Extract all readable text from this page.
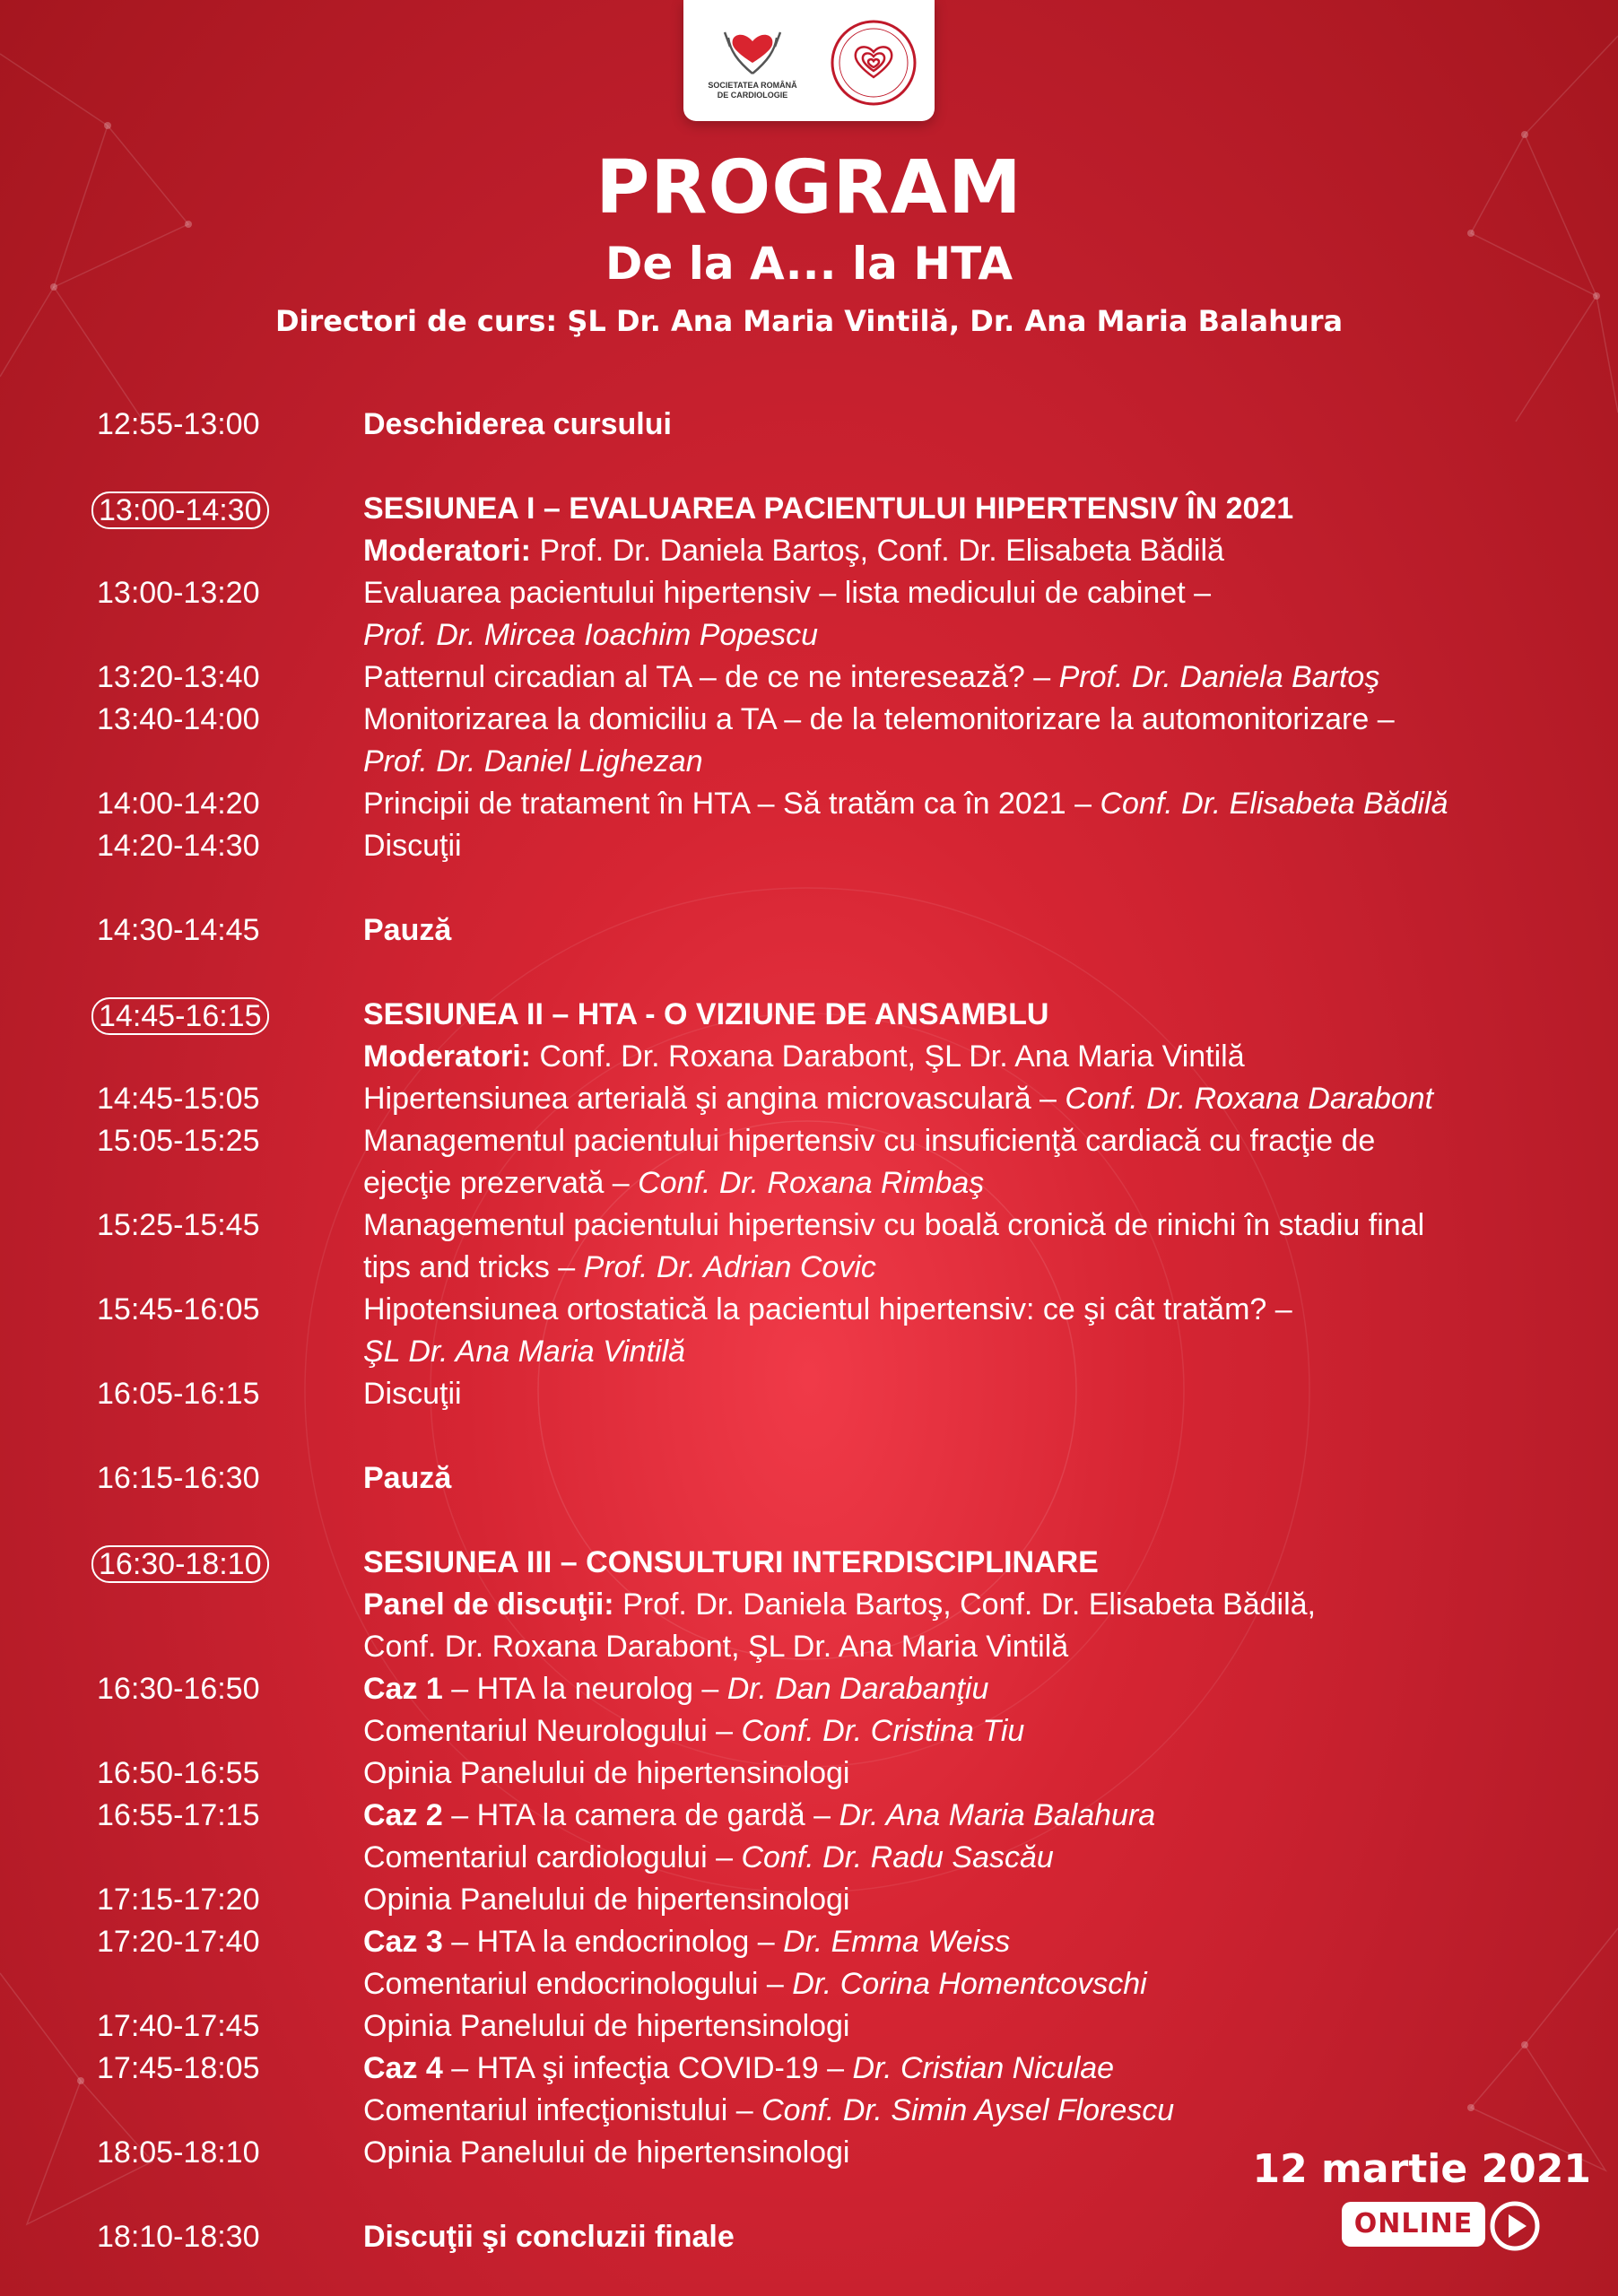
SOCIETATEA ROMÂNĂ
DE CARDIOLOGIE
PROGRAM
De la A... la HTA
Directori de curs: ŞL Dr. Ana Maria Vintilă, Dr. Ana Maria Balahura
12:55-13:00	Deschiderea cursului
13:00-14:30	SESIUNEA I – EVALUAREA PACIENTULUI HIPERTENSIV ÎN 2021
Moderatori: Prof. Dr. Daniela Bartoş, Conf. Dr. Elisabeta Bădilă
13:00-13:20	Evaluarea pacientului hipertensiv – lista medicului de cabinet –
Prof. Dr. Mircea Ioachim Popescu
13:20-13:40	Patternul circadian al TA – de ce ne interesează? – Prof. Dr. Daniela Bartoş
13:40-14:00	Monitorizarea la domiciliu a TA – de la telemonitorizare la automonitorizare –
Prof. Dr. Daniel Lighezan
14:00-14:20	Principii de tratament în HTA – Să tratăm ca în 2021 – Conf. Dr. Elisabeta Bădilă
14:20-14:30	Discuţii
14:30-14:45	Pauză
14:45-16:15	SESIUNEA II – HTA - O VIZIUNE DE ANSAMBLU
Moderatori: Conf. Dr. Roxana Darabont, ŞL Dr. Ana Maria Vintilă
14:45-15:05	Hipertensiunea arterială şi angina microvasculară – Conf. Dr. Roxana Darabont
15:05-15:25	Managementul pacientului hipertensiv cu insuficienţă cardiacă cu fracţie de
ejecţie prezervată – Conf. Dr. Roxana Rimbaş
15:25-15:45	Managementul pacientului hipertensiv cu boală cronică de rinichi în stadiu final
tips and tricks – Prof. Dr. Adrian Covic
15:45-16:05	Hipotensiunea ortostatică la pacientul hipertensiv: ce şi cât tratăm? –
ŞL Dr. Ana Maria Vintilă
16:05-16:15	Discuţii
16:15-16:30	Pauză
16:30-18:10	SESIUNEA III – CONSULTURI INTERDISCIPLINARE
Panel de discuţii: Prof. Dr. Daniela Bartoş, Conf. Dr. Elisabeta Bădilă,
Conf. Dr. Roxana Darabont, ŞL Dr. Ana Maria Vintilă
16:30-16:50	Caz 1 – HTA la neurolog – Dr. Dan Darabanţiu
Comentariul Neurologului – Conf. Dr. Cristina Tiu
16:50-16:55	Opinia Panelului de hipertensinologi
16:55-17:15	Caz 2 – HTA la camera de gardă – Dr. Ana Maria Balahura
Comentariul cardiologului – Conf. Dr. Radu Sascău
17:15-17:20	Opinia Panelului de hipertensinologi
17:20-17:40	Caz 3 – HTA la endocrinolog – Dr. Emma Weiss
Comentariul endocrinologului – Dr. Corina Homentcovschi
17:40-17:45	Opinia Panelului de hipertensinologi
17:45-18:05	Caz 4 – HTA şi infecţia COVID-19 – Dr. Cristian Niculae
Comentariul infecţionistului – Conf. Dr. Simin Aysel Florescu
18:05-18:10	Opinia Panelului de hipertensinologi
18:10-18:30	Discuţii şi concluzii finale
12 martie 2021
ONLINE
